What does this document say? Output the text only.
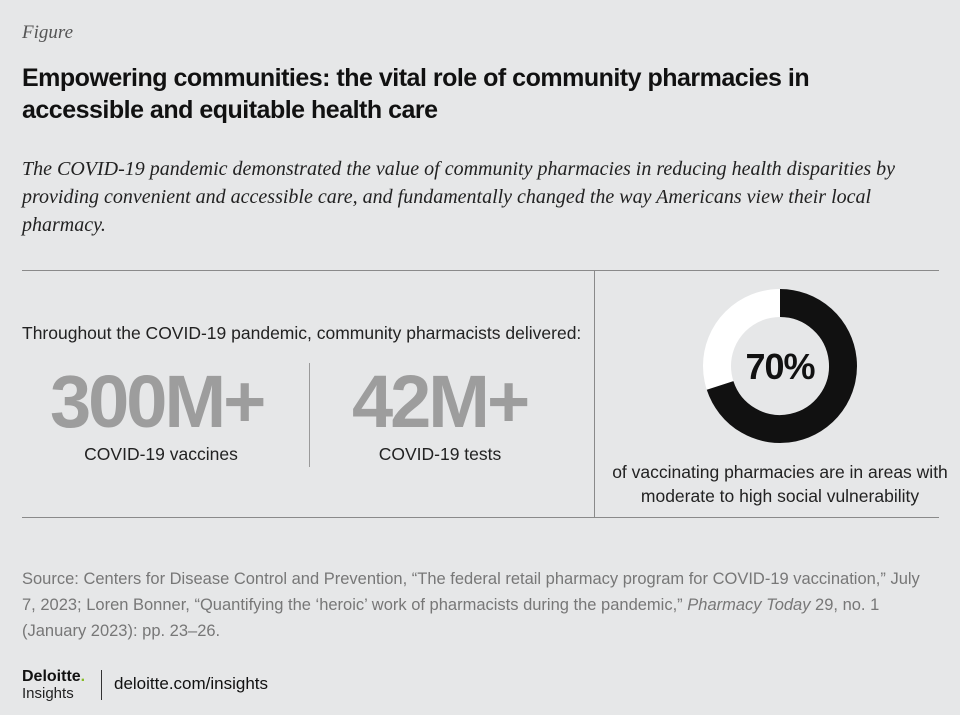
Figure
Empowering communities: the vital role of community pharmacies in accessible and equitable health care
The COVID-19 pandemic demonstrated the value of community pharmacies in reducing health disparities by providing convenient and accessible care, and fundamentally changed the way Americans view their local pharmacy.
Throughout the COVID-19 pandemic, community pharmacists delivered:
300M+
COVID-19 vaccines
42M+
COVID-19 tests
70%
of vaccinating pharmacies are in areas with moderate to high social vulnerability
Source: Centers for Disease Control and Prevention, “The federal retail pharmacy program for COVID-19 vaccination,” July 7, 2023; Loren Bonner, “Quantifying the ‘heroic’ work of pharmacists during the pandemic,” Pharmacy Today 29, no. 1 (January 2023): pp. 23–26.
Deloitte.
Insights
deloitte.com/insights
